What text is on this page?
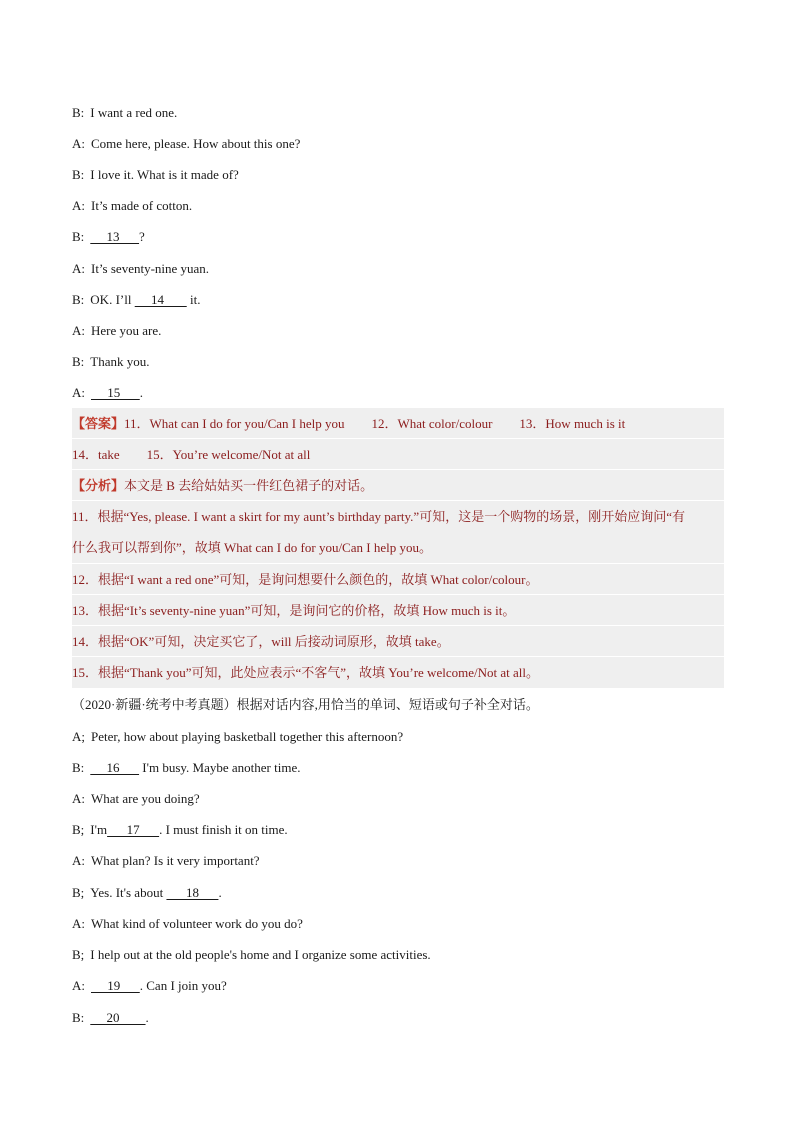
B: I want a red one.
A: Come here, please. How about this one?
B: I love it. What is it made of?
A: It’s made of cotton.
B:     13      ?
A: It’s seventy-nine yuan.
B: OK. I’ll      14        it.
A: Here you are.
B: Thank you.
A:     15      .
【答案】11．What can I do for you/Can I help you 12．What color/colour 13．How much is it
14．take 15．You’re welcome/Not at all
【分析】本文是 B 去给姑姑买一件红色裙子的对话。
11．根据“Yes, please. I want a skirt for my aunt’s birthday party.”可知，这是一个购物的场景，刚开始应询问“有
什么我可以帮到你”，故填 What can I do for you/Can I help you。
12．根据“I want a red one”可知，是询问想要什么颜色的，故填 What color/colour。
13．根据“It’s seventy-nine yuan”可知，是询问它的价格，故填 How much is it。
14．根据“OK”可知，决定买它了，will 后接动词原形，故填 take。
15．根据“Thank you”可知，此处应表示“不客气”，故填 You’re welcome/Not at all。
（2020·新疆·统考中考真题）根据对话内容,用恰当的单词、短语或句子补全对话。
A; Peter, how about playing basketball together this afternoon?
B:     16       I'm busy. Maybe another time.
A: What are you doing?
B; I'm      17      . I must finish it on time.
A: What plan? Is it very important?
B; Yes. It's about       18      .
A: What kind of volunteer work do you do?
B; I help out at the old people's home and I organize some activities.
A:     19      . Can I join you?
B:     20        .
